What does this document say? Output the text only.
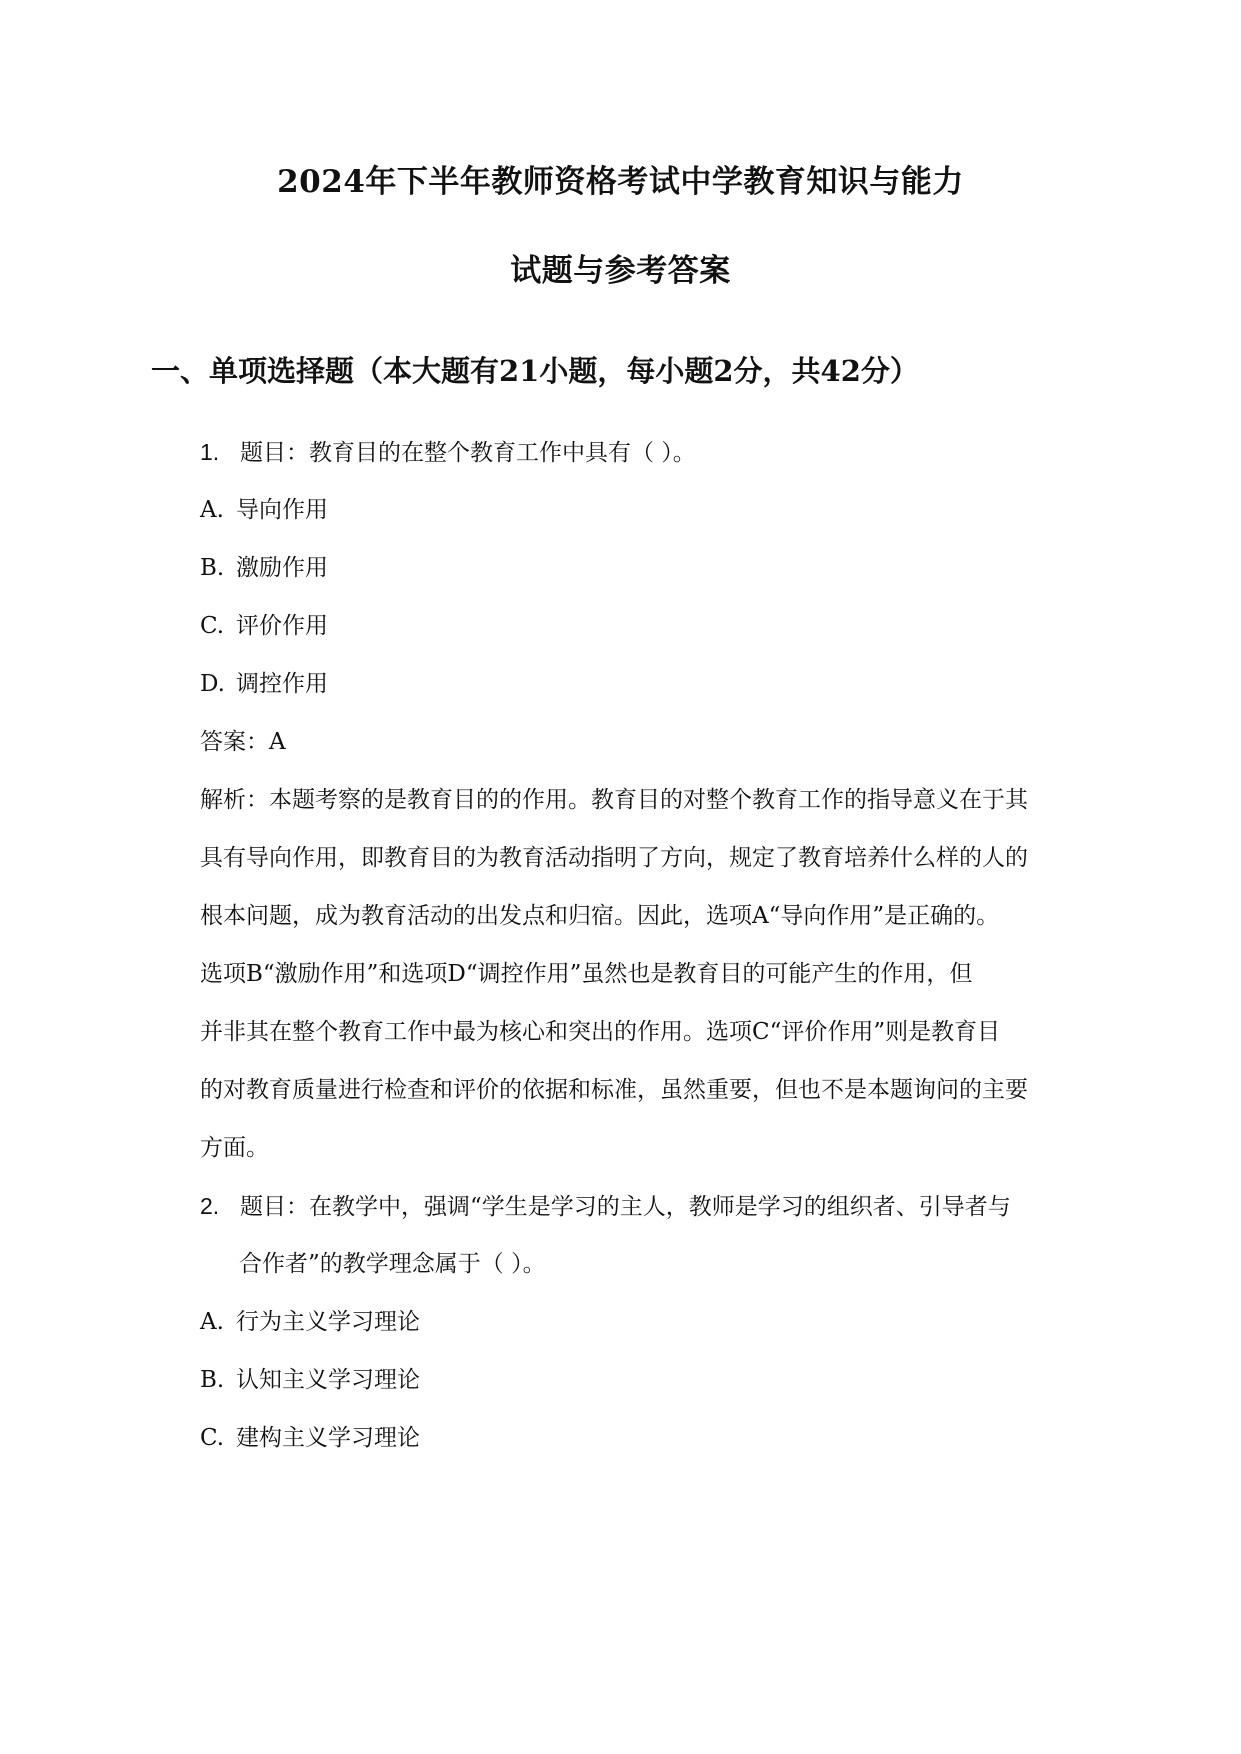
2024年下半年教师资格考试中学教育知识与能力
试题与参考答案
一、单项选择题（本大题有21小题，每小题2分，共42分）
1. 题目：教育目的在整个教育工作中具有（ ）。
A. 导向作用
B. 激励作用
C. 评价作用
D. 调控作用
答案：A
解析：本题考察的是教育目的的作用。教育目的对整个教育工作的指导意义在于其
具有导向作用，即教育目的为教育活动指明了方向，规定了教育培养什么样的人的
根本问题，成为教育活动的出发点和归宿。因此，选项A“导向作用”是正确的。
选项B“激励作用”和选项D“调控作用”虽然也是教育目的可能产生的作用，但
并非其在整个教育工作中最为核心和突出的作用。选项C“评价作用”则是教育目
的对教育质量进行检查和评价的依据和标准，虽然重要，但也不是本题询问的主要
方面。
2. 题目：在教学中，强调“学生是学习的主人，教师是学习的组织者、引导者与
合作者”的教学理念属于（ ）。
A. 行为主义学习理论
B. 认知主义学习理论
C. 建构主义学习理论
